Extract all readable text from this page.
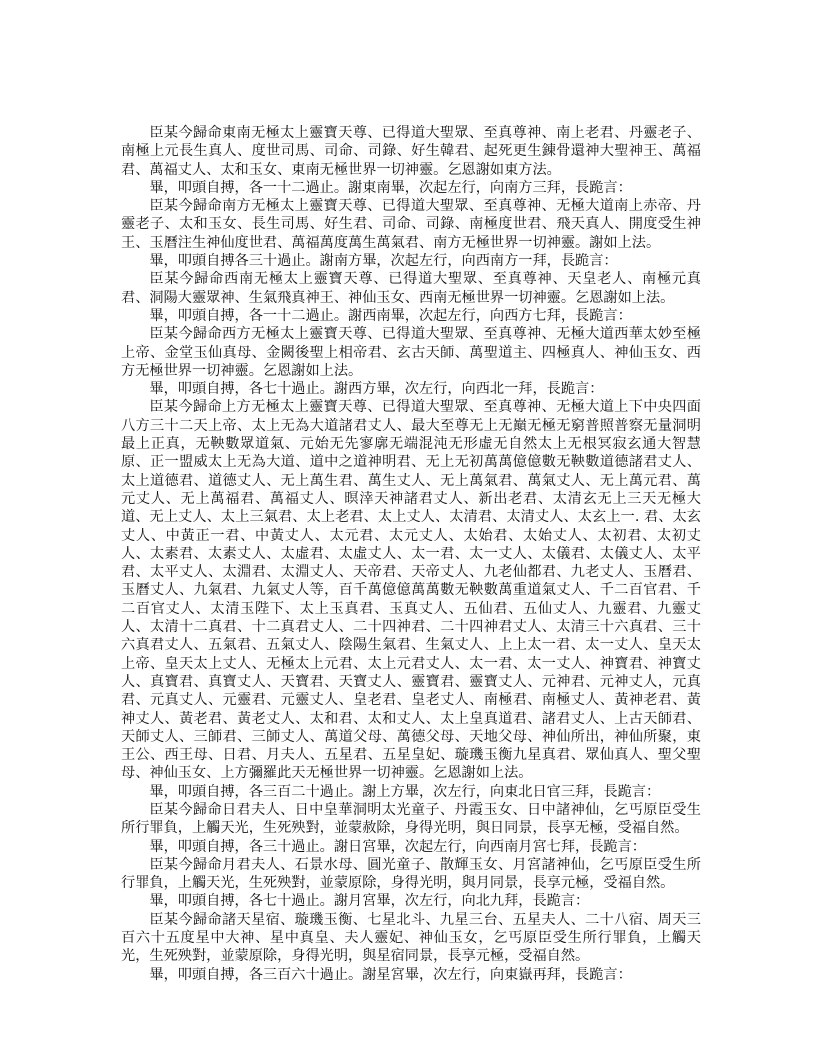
臣某今歸命東南无極太上靈寶天尊、已得道大聖眾、至真尊神、南上老君、丹靈老子、南極上元長生真人、度世司馬、司命、司錄、好生韓君、起死更生錬骨還神大聖神王、萬福君、萬福丈人、太和玉女、東南无極世界一切神靈。乞恩謝如東方法。

畢，叩頭自搏，各一十二過止。謝東南畢，次起左行，向南方三拜，長跪言：

臣某今歸命南方无極太上靈寶天尊、已得道大聖眾、至真尊神、无極大道南上赤帝、丹靈老子、太和玉女、長生司馬、好生君、司命、司錄、南極度世君、飛天真人、開度受生神王、玉曆注生神仙度世君、萬福萬度萬生萬氣君、南方无極世界一切神靈。謝如上法。

畢，叩頭自搏各三十過止。謝南方畢，次起左行，向西南方一拜，長跪言：

臣某今歸命西南无極太上靈寶天尊、已得道大聖眾、至真尊神、天皇老人、南極元真君、洞陽大靈眾神、生氣飛真神王、神仙玉女、西南无極世界一切神靈。乞恩謝如上法。

畢，叩頭自搏，各一十二過止。謝西南畢，次起左行，向西方七拜，長跪言：

臣某今歸命西方无極太上靈寶天尊、已得道大聖眾、至真尊神、无極大道西華太妙至極上帝、金堂玉仙真母、金闕後聖上相帝君、玄古天師、萬聖道主、四極真人、神仙玉女、西方无極世界一切神靈。乞恩謝如上法。

畢，叩頭自搏，各七十過止。謝西方畢，次左行，向西北一拜，長跪言：

臣某今歸命上方无極太上靈寶天尊、已得道大聖眾、至真尊神、无極大道上下中央四面八方三十二天上帝、太上无為大道諸君丈人、最大至尊无上无巔无極无窮普照普察无量洞明最上正真，无鞅數眾道氣、元始无先寥廓无端混沌无形虛无自然太上无根冥寂玄通大智慧原、正一盟威太上无為大道、道中之道神明君、无上无初萬萬億億數无鞅數道德諸君丈人、太上道德君、道德丈人、无上萬生君、萬生丈人、无上萬氣君、萬氣丈人、无上萬元君、萬元丈人、无上萬福君、萬福丈人、暝涬天神諸君丈人、新出老君、太清玄无上三天无極大道、无上丈人、太上三氣君、太上老君、太上丈人、太清君、太清丈人、太玄上一. 君、太玄丈人、中黃正一君、中黃丈人、太元君、太元丈人、太始君、太始丈人、太初君、太初丈人、太素君、太素丈人、太虛君、太虛丈人、太一君、太一丈人、太儀君、太儀丈人、太平君、太平丈人、太淵君、太淵丈人、天帝君、天帝丈人、九老仙都君、九老丈人、玉曆君、玉曆丈人、九氣君、九氣丈人等，百千萬億億萬萬數无鞅數萬重道氣丈人、千二百官君、千二百官丈人、太清玉陛下、太上玉真君、玉真丈人、五仙君、五仙丈人、九靈君、九靈丈人、太清十二真君、十二真君丈人、二十四神君、二十四神君丈人、太清三十六真君、三十六真君丈人、五氣君、五氣丈人、陰陽生氣君、生氣丈人、上上太一君、太一丈人、皇天太上帝、皇天太上丈人、无極太上元君、太上元君丈人、太一君、太一丈人、神寶君、神寶丈人、真寶君、真寶丈人、天寶君、天寶丈人、靈寶君、靈寶丈人、元神君、元神丈人，元真君、元真丈人、元靈君、元靈丈人、皇老君、皇老丈人、南極君、南極丈人、黃神老君、黃神丈人、黃老君、黃老丈人、太和君、太和丈人、太上皇真道君、諸君丈人、上古天師君、天師丈人、三師君、三師丈人、萬道父母、萬德父母、天地父母、神仙所出，神仙所聚，東王公、西王母、日君、月夫人、五星君、五星皇妃、璇璣玉衡九星真君、眾仙真人、聖父聖母、神仙玉女、上方彌羅此天无極世界一切神靈。乞恩謝如上法。

畢，叩頭自搏，各三百二十過止。謝上方畢，次左行，向東北日官三拜，長跪言：

臣某今歸命日君夫人、日中皇華洞明太光童子、丹霞玉女、日中諸神仙，乞丐原臣受生所行罪負，上觸天光，生死殃對，並蒙赦除，身得光明，與日同景，長享无極，受福自然。

畢，叩頭自搏，各三十過止。謝日宮畢，次起左行，向西南月宮七拜，長跪言：

臣某今歸命月君夫人、石景水母、圓光童子、散輝玉女、月宮諸神仙，乞丐原臣受生所行罪負，上觸天光，生死殃對，並蒙原除，身得光明，與月同景，長享元極，受福自然。

畢，叩頭自搏，各七十過止。謝月宮畢，次左行，向北九拜，長跪言：

臣某今歸命諸天星宿、璇璣玉衡、七星北斗、九星三台、五星夫人、二十八宿、周天三百六十五度星中大神、星中真皇、夫人靈妃、神仙玉女，乞丐原臣受生所行罪負，上觸天光，生死殃對，並蒙原除，身得光明，與星宿同景，長享元極，受福自然。

畢，叩頭自搏，各三百六十過止。謝星宮畢，次左行，向東嶽再拜，長跪言：
